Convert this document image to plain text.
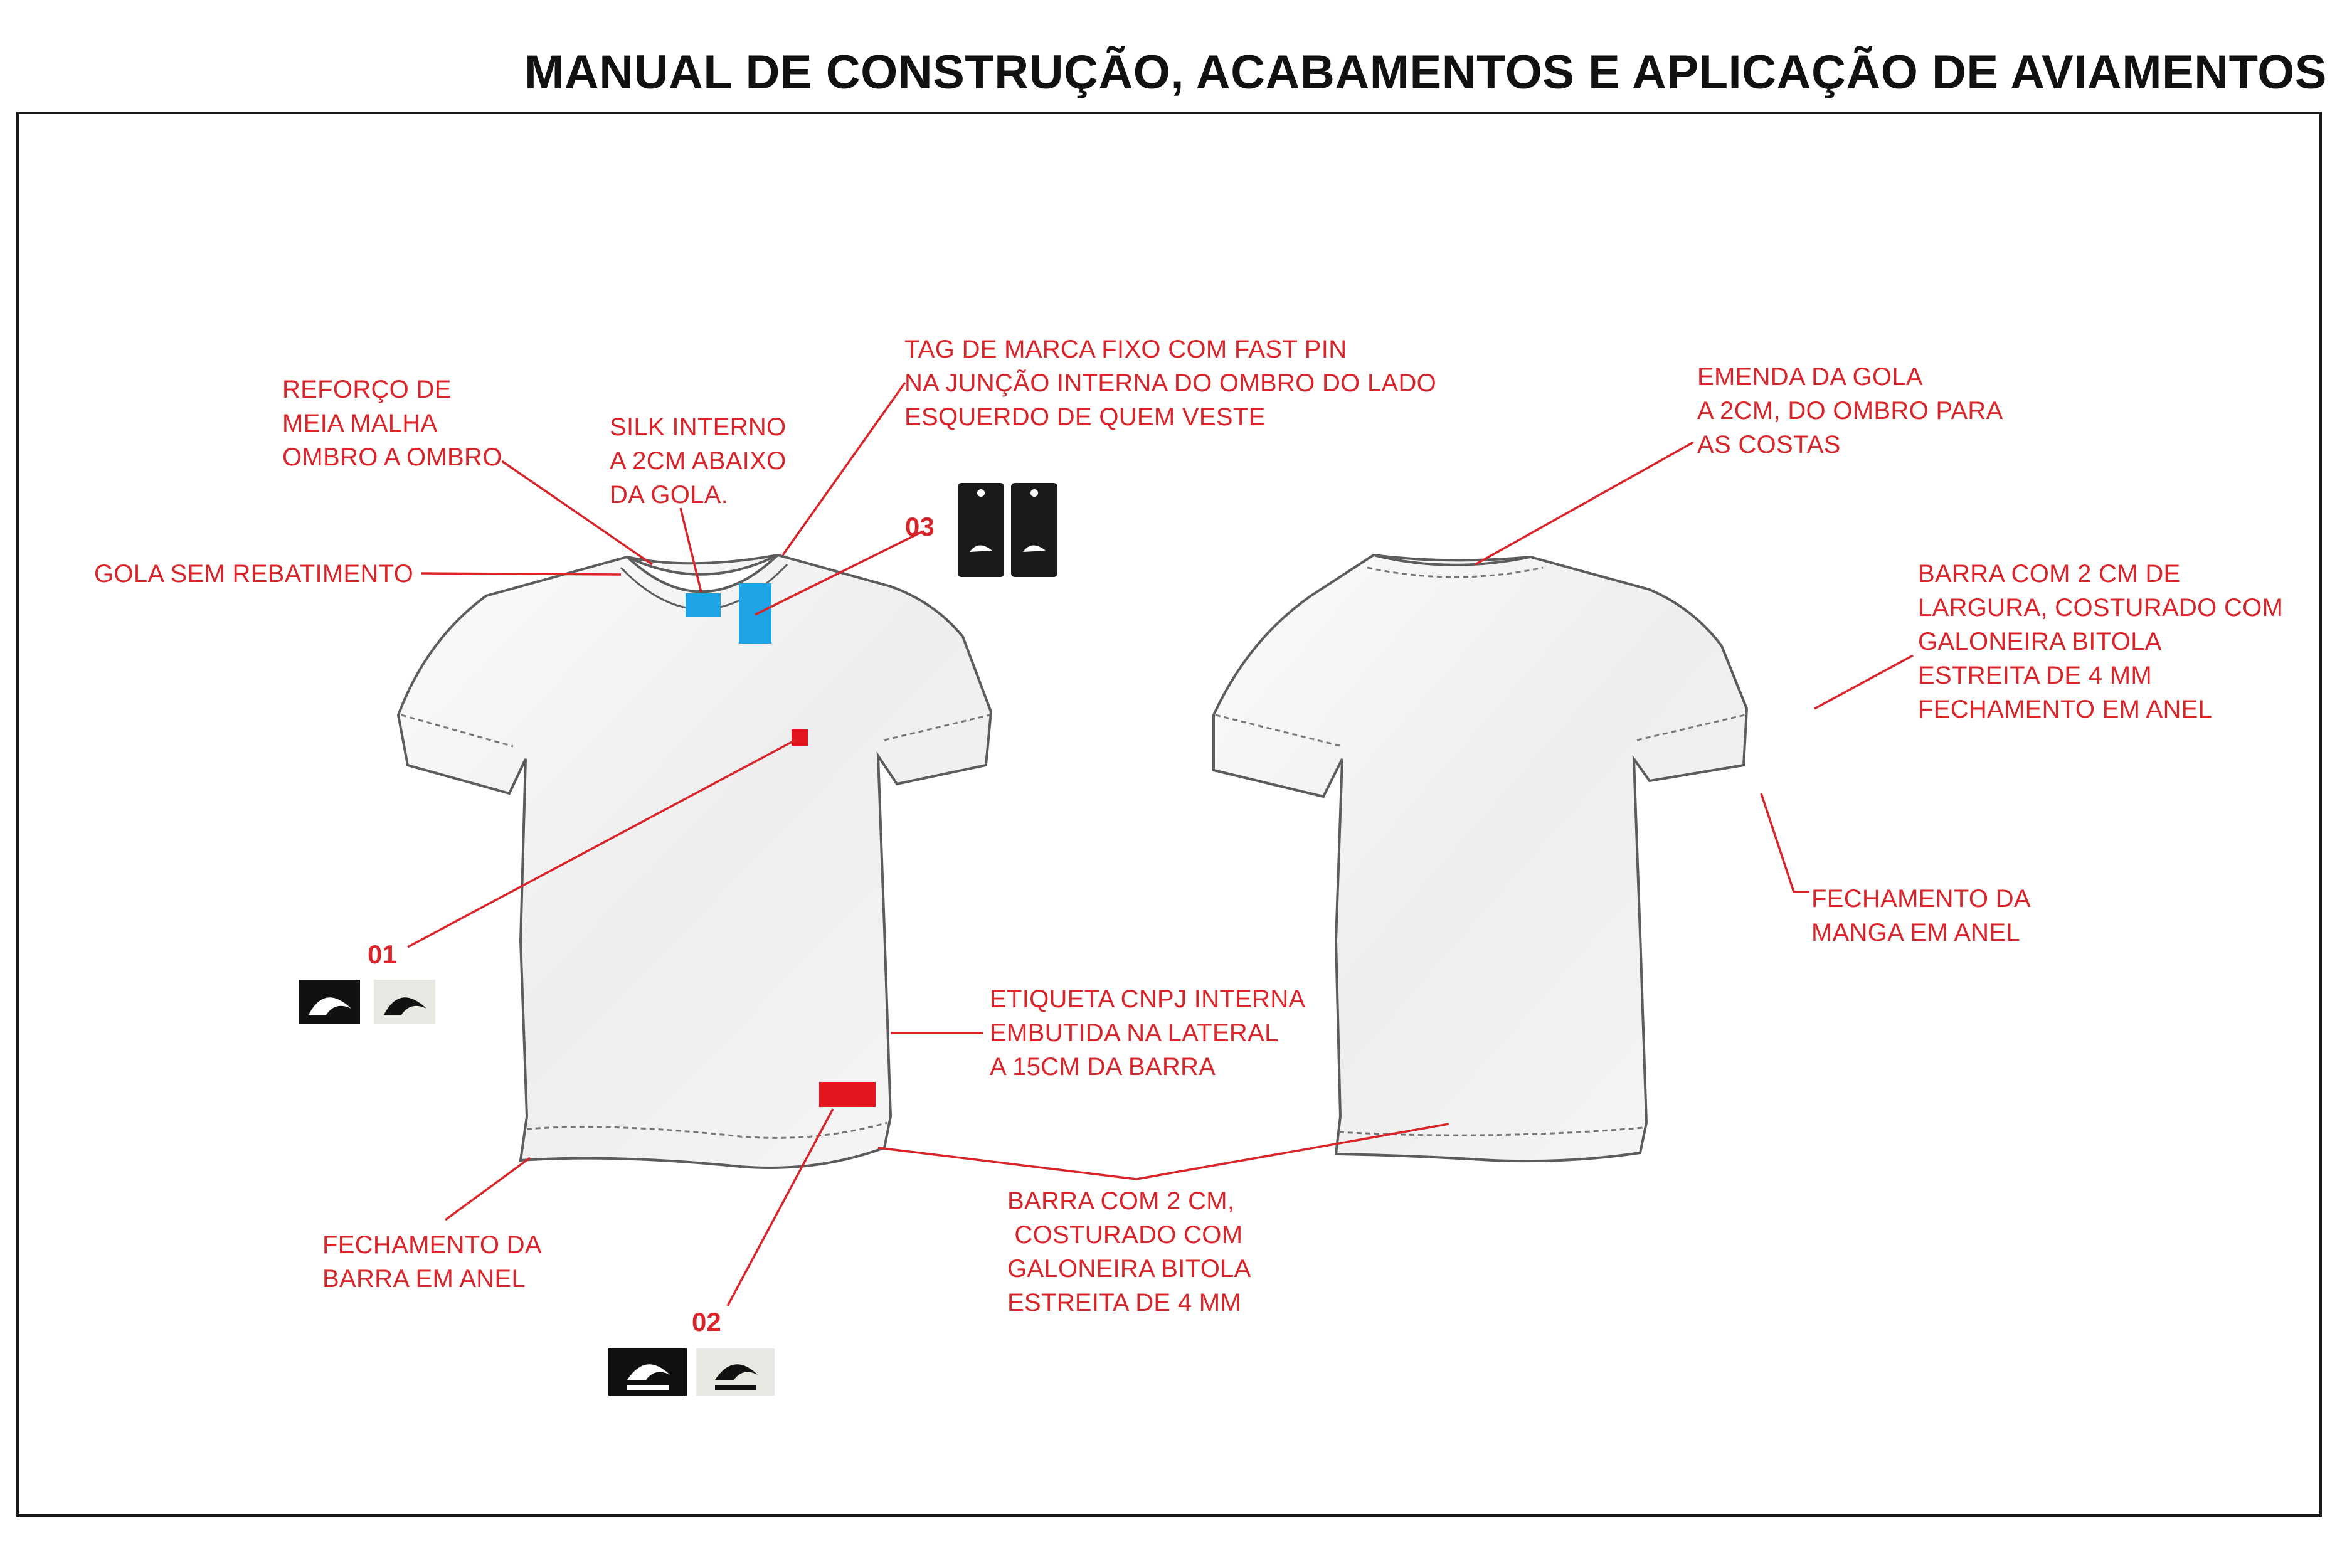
MANUAL DE CONSTRUÇÃO, ACABAMENTOS E APLICAÇÃO DE AVIAMENTOS
GOLA SEM REBATIMENTO
REFORÇO DE
MEIA MALHA
OMBRO A OMBRO
SILK INTERNO
A 2CM ABAIXO
DA GOLA.
TAG DE MARCA FIXO COM FAST PIN
NA JUNÇÃO INTERNA DO OMBRO DO LADO
ESQUERDO DE QUEM VESTE
ETIQUETA CNPJ INTERNA
EMBUTIDA NA LATERAL
A 15CM DA BARRA
FECHAMENTO DA
BARRA EM ANEL
BARRA COM 2 CM,
COSTURADO COM
GALONEIRA BITOLA
ESTREITA DE 4 MM
EMENDA DA GOLA
A 2CM, DO OMBRO PARA
AS COSTAS
BARRA COM 2 CM DE
LARGURA, COSTURADO COM
GALONEIRA BITOLA
ESTREITA DE 4 MM
FECHAMENTO EM ANEL
FECHAMENTO DA
MANGA EM ANEL
01
02
03
